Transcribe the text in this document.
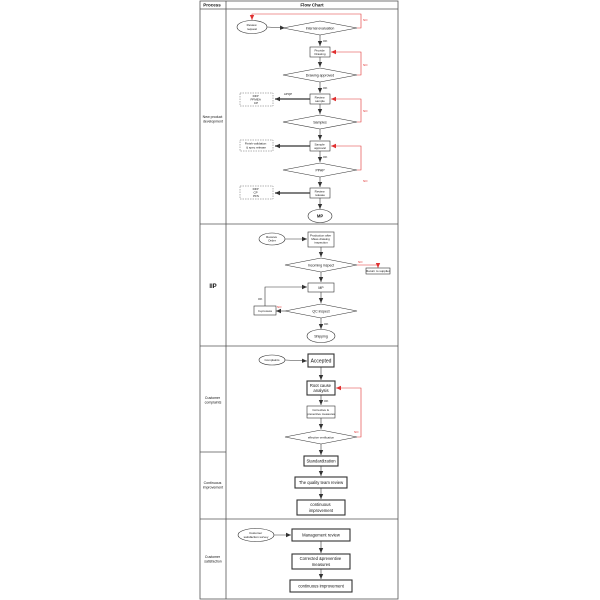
Process	Flow Chart
New product development
IIP
Customer complaints
Continuous improvement
Customer satisfaction
Review request	Internal evaluation
OK
NO
Provide Drawing
Drawing approved
NO
OK
Review sample
APQP
DFP PFMEA CP
Samples
NO
Sample approval
Finish validation & spec release
OK
PPAP
NO
Review release
DFP CP PFS
MP
Receive Order
Production after Mass drawing inspection
Incoming inspect
NO
Return to supplier
MP
QC inspect
NO
In-process
OK
OK
Shipping
Complaints	Accepted
Root cause analysis
OK
Corrective & preventive measures
effective verification
NO
Standardization
The quality team review
continuous improvement
Customer satisfaction survey	Management review
Corrected &preventive measures
continuous improvement
